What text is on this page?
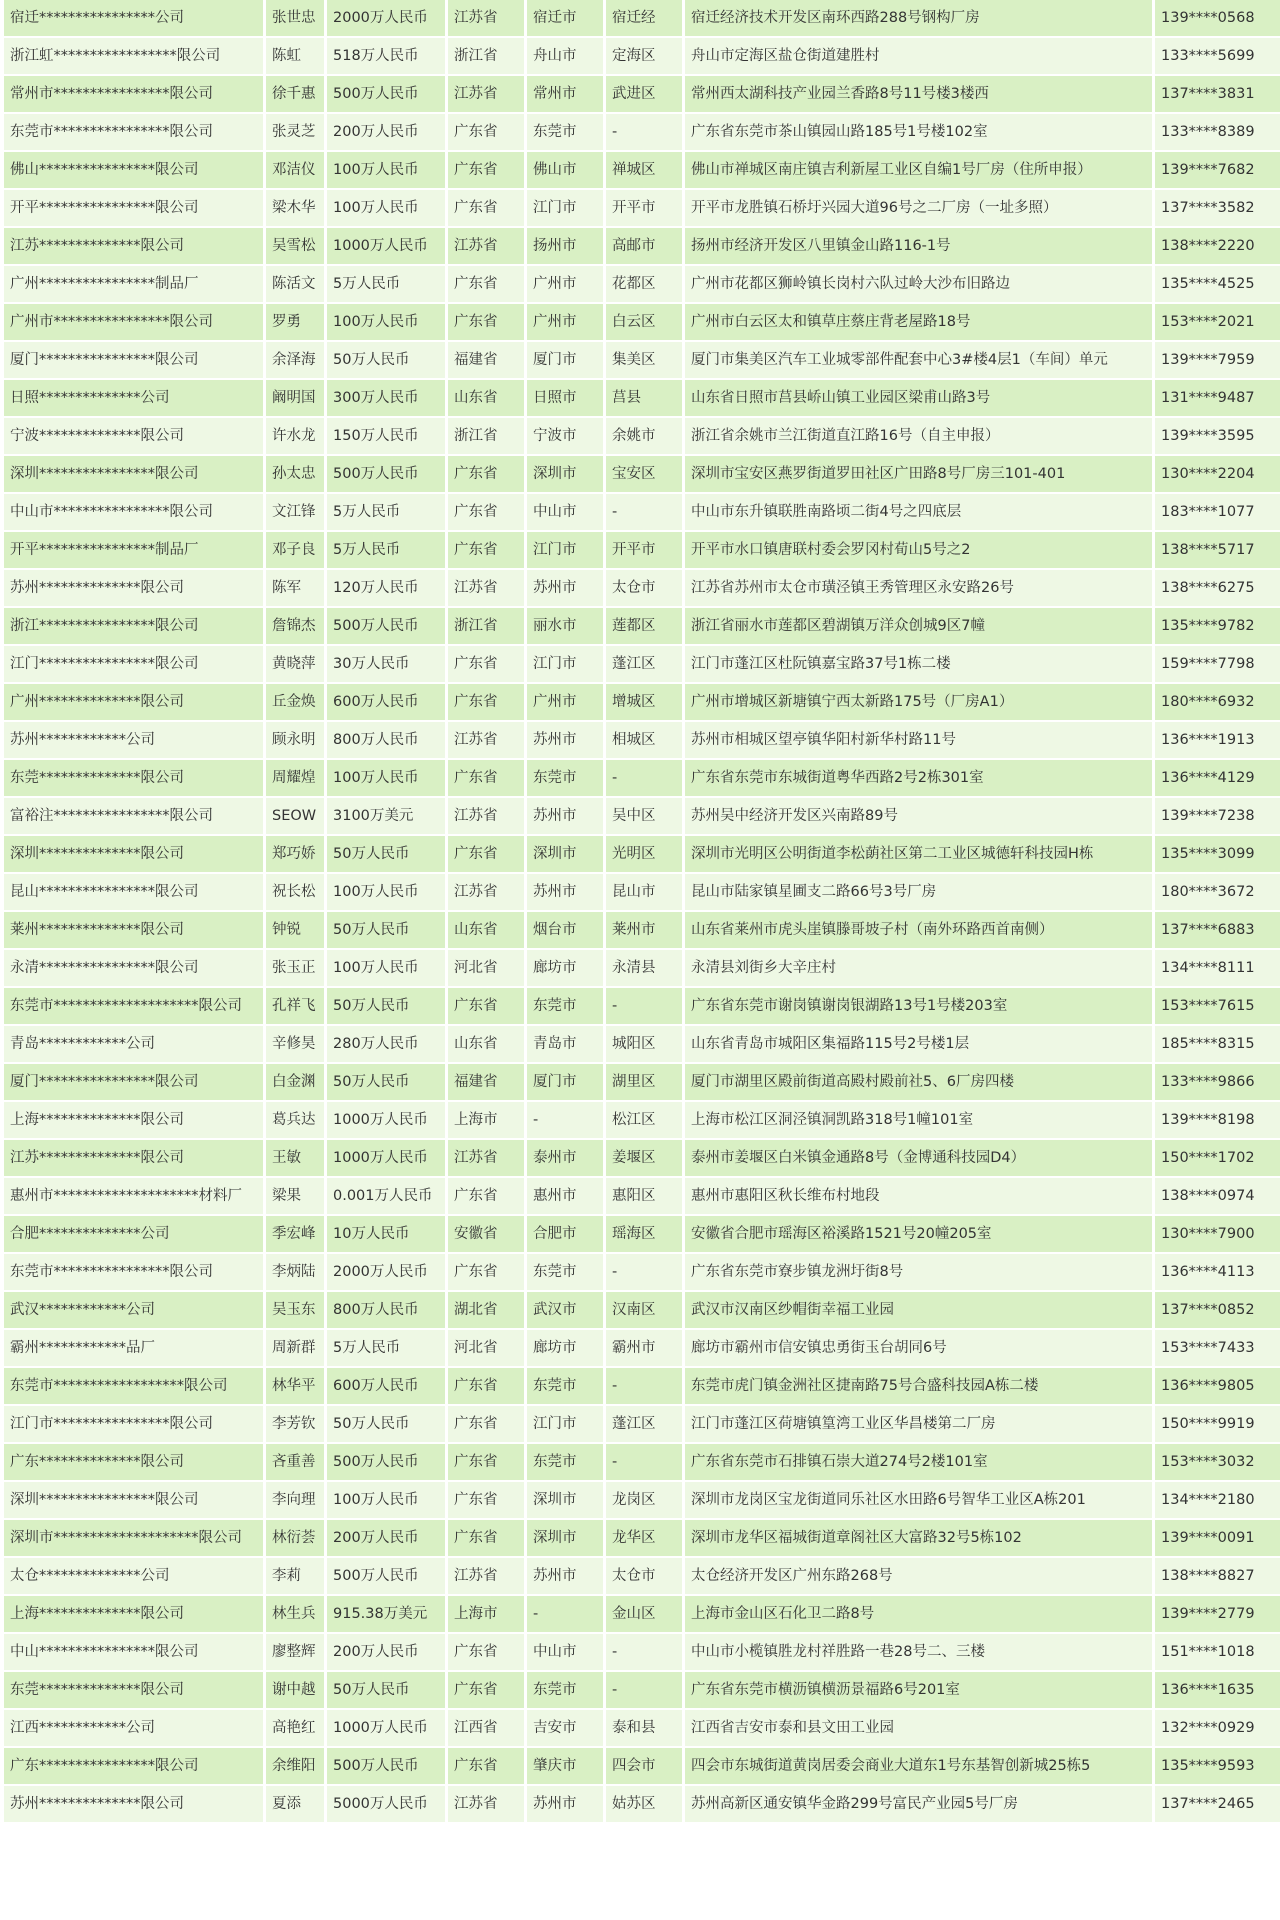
宿迁****************公司	张世忠	2000万人民币	江苏省	宿迁市	宿迁经	宿迁经济技术开发区南环西路288号钢构厂房	139****0568
浙江虹*****************限公司	陈虹	518万人民币	浙江省	舟山市	定海区	舟山市定海区盐仓街道建胜村	133****5699
常州市****************限公司	徐千惠	500万人民币	江苏省	常州市	武进区	常州西太湖科技产业园兰香路8号11号楼3楼西	137****3831
东莞市****************限公司	张灵芝	200万人民币	广东省	东莞市	-	广东省东莞市茶山镇园山路185号1号楼102室	133****8389
佛山****************限公司	邓洁仪	100万人民币	广东省	佛山市	禅城区	佛山市禅城区南庄镇吉利新屋工业区自编1号厂房（住所申报）	139****7682
开平****************限公司	梁木华	100万人民币	广东省	江门市	开平市	开平市龙胜镇石桥圩兴园大道96号之二厂房（一址多照）	137****3582
江苏**************限公司	吴雪松	1000万人民币	江苏省	扬州市	高邮市	扬州市经济开发区八里镇金山路116-1号	138****2220
广州****************制品厂	陈活文	5万人民币	广东省	广州市	花都区	广州市花都区狮岭镇长岗村六队过岭大沙布旧路边	135****4525
广州市****************限公司	罗勇	100万人民币	广东省	广州市	白云区	广州市白云区太和镇草庄蔡庄背老屋路18号	153****2021
厦门****************限公司	余泽海	50万人民币	福建省	厦门市	集美区	厦门市集美区汽车工业城零部件配套中心3#楼4层1（车间）单元	139****7959
日照**************公司	阚明国	300万人民币	山东省	日照市	莒县	山东省日照市莒县峤山镇工业园区梁甫山路3号	131****9487
宁波**************限公司	许水龙	150万人民币	浙江省	宁波市	余姚市	浙江省余姚市兰江街道直江路16号（自主申报）	139****3595
深圳****************限公司	孙太忠	500万人民币	广东省	深圳市	宝安区	深圳市宝安区燕罗街道罗田社区广田路8号厂房三101-401	130****2204
中山市****************限公司	文江锋	5万人民币	广东省	中山市	-	中山市东升镇联胜南路顷二街4号之四底层	183****1077
开平****************制品厂	邓子良	5万人民币	广东省	江门市	开平市	开平市水口镇唐联村委会罗冈村荀山5号之2	138****5717
苏州**************限公司	陈军	120万人民币	江苏省	苏州市	太仓市	江苏省苏州市太仓市璜泾镇王秀管理区永安路26号	138****6275
浙江****************限公司	詹锦杰	500万人民币	浙江省	丽水市	莲都区	浙江省丽水市莲都区碧湖镇万洋众创城9区7幢	135****9782
江门****************限公司	黄晓萍	30万人民币	广东省	江门市	蓬江区	江门市蓬江区杜阮镇嘉宝路37号1栋二楼	159****7798
广州**************限公司	丘金焕	600万人民币	广东省	广州市	增城区	广州市增城区新塘镇宁西太新路175号（厂房A1）	180****6932
苏州************公司	顾永明	800万人民币	江苏省	苏州市	相城区	苏州市相城区望亭镇华阳村新华村路11号	136****1913
东莞**************限公司	周耀煌	100万人民币	广东省	东莞市	-	广东省东莞市东城街道粤华西路2号2栋301室	136****4129
富裕注****************限公司	SEOW	3100万美元	江苏省	苏州市	吴中区	苏州吴中经济开发区兴南路89号	139****7238
深圳**************限公司	郑巧娇	50万人民币	广东省	深圳市	光明区	深圳市光明区公明街道李松蓢社区第二工业区城德轩科技园H栋	135****3099
昆山****************限公司	祝长松	100万人民币	江苏省	苏州市	昆山市	昆山市陆家镇星圃支二路66号3号厂房	180****3672
莱州**************限公司	钟锐	50万人民币	山东省	烟台市	莱州市	山东省莱州市虎头崖镇滕哥坡子村（南外环路西首南侧）	137****6883
永清****************限公司	张玉正	100万人民币	河北省	廊坊市	永清县	永清县刘街乡大辛庄村	134****8111
东莞市********************限公司	孔祥飞	50万人民币	广东省	东莞市	-	广东省东莞市谢岗镇谢岗银湖路13号1号楼203室	153****7615
青岛************公司	辛修昊	280万人民币	山东省	青岛市	城阳区	山东省青岛市城阳区集福路115号2号楼1层	185****8315
厦门****************限公司	白金渊	50万人民币	福建省	厦门市	湖里区	厦门市湖里区殿前街道高殿村殿前社5、6厂房四楼	133****9866
上海**************限公司	葛兵达	1000万人民币	上海市	-	松江区	上海市松江区洞泾镇洞凯路318号1幢101室	139****8198
江苏**************限公司	王敏	1000万人民币	江苏省	泰州市	姜堰区	泰州市姜堰区白米镇金通路8号（金博通科技园D4）	150****1702
惠州市********************材料厂	梁果	0.001万人民币	广东省	惠州市	惠阳区	惠州市惠阳区秋长维布村地段	138****0974
合肥**************公司	季宏峰	10万人民币	安徽省	合肥市	瑶海区	安徽省合肥市瑶海区裕溪路1521号20幢205室	130****7900
东莞市****************限公司	李炳陆	2000万人民币	广东省	东莞市	-	广东省东莞市寮步镇龙洲圩街8号	136****4113
武汉************公司	吴玉东	800万人民币	湖北省	武汉市	汉南区	武汉市汉南区纱帽街幸福工业园	137****0852
霸州************品厂	周新群	5万人民币	河北省	廊坊市	霸州市	廊坊市霸州市信安镇忠勇街玉台胡同6号	153****7433
东莞市******************限公司	林华平	600万人民币	广东省	东莞市	-	东莞市虎门镇金洲社区捷南路75号合盛科技园A栋二楼	136****9805
江门市****************限公司	李芳钦	50万人民币	广东省	江门市	蓬江区	江门市蓬江区荷塘镇篁湾工业区华昌楼第二厂房	150****9919
广东**************限公司	吝重善	500万人民币	广东省	东莞市	-	广东省东莞市石排镇石崇大道274号2楼101室	153****3032
深圳****************限公司	李向理	100万人民币	广东省	深圳市	龙岗区	深圳市龙岗区宝龙街道同乐社区水田路6号智华工业区A栋201	134****2180
深圳市********************限公司	林衍荟	200万人民币	广东省	深圳市	龙华区	深圳市龙华区福城街道章阁社区大富路32号5栋102	139****0091
太仓**************公司	李莉	500万人民币	江苏省	苏州市	太仓市	太仓经济开发区广州东路268号	138****8827
上海**************限公司	林生兵	915.38万美元	上海市	-	金山区	上海市金山区石化卫二路8号	139****2779
中山****************限公司	廖整辉	200万人民币	广东省	中山市	-	中山市小榄镇胜龙村祥胜路一巷28号二、三楼	151****1018
东莞**************限公司	谢中越	50万人民币	广东省	东莞市	-	广东省东莞市横沥镇横沥景福路6号201室	136****1635
江西************公司	高艳红	1000万人民币	江西省	吉安市	泰和县	江西省吉安市泰和县文田工业园	132****0929
广东****************限公司	余维阳	500万人民币	广东省	肇庆市	四会市	四会市东城街道黄岗居委会商业大道东1号东基智创新城25栋5	135****9593
苏州**************限公司	夏添	5000万人民币	江苏省	苏州市	姑苏区	苏州高新区通安镇华金路299号富民产业园5号厂房	137****2465
